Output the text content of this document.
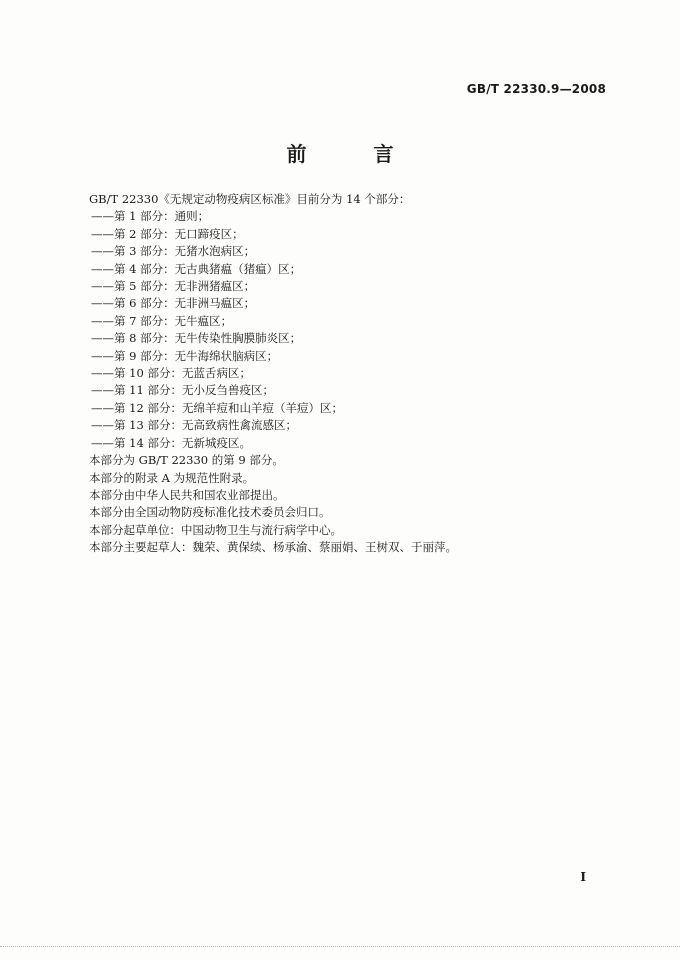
GB/T 22330.9—2008
前 言
GB/T 22330《无规定动物疫病区标准》目前分为 14 个部分：
——第 1 部分：通则；
——第 2 部分：无口蹄疫区；
——第 3 部分：无猪水泡病区；
——第 4 部分：无古典猪瘟（猪瘟）区；
——第 5 部分：无非洲猪瘟区；
——第 6 部分：无非洲马瘟区；
——第 7 部分：无牛瘟区；
——第 8 部分：无牛传染性胸膜肺炎区；
——第 9 部分：无牛海绵状脑病区；
——第 10 部分：无蓝舌病区；
——第 11 部分：无小反刍兽疫区；
——第 12 部分：无绵羊痘和山羊痘（羊痘）区；
——第 13 部分：无高致病性禽流感区；
——第 14 部分：无新城疫区。
本部分为 GB/T 22330 的第 9 部分。
本部分的附录 A 为规范性附录。
本部分由中华人民共和国农业部提出。
本部分由全国动物防疫标准化技术委员会归口。
本部分起草单位：中国动物卫生与流行病学中心。
本部分主要起草人：魏荣、黄保续、杨承渝、蔡丽娟、王树双、于丽萍。
I
